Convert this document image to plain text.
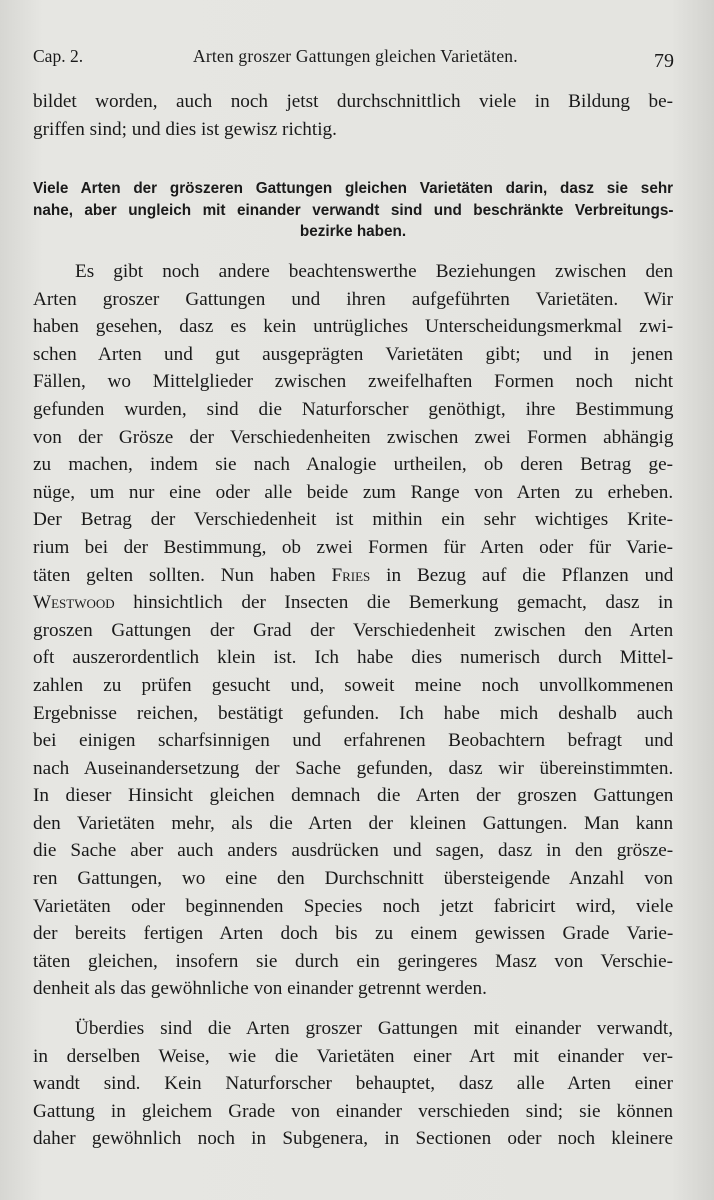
Cap. 2.	Arten groszer Gattungen gleichen Varietäten.	79
bildet worden, auch noch jetst durchschnittlich viele in Bildung be-
griffen sind; und dies ist gewisz richtig.
Viele Arten der gröszeren Gattungen gleichen Varietäten darin, dasz sie sehr
nahe, aber ungleich mit einander verwandt sind und beschränkte Verbreitungs-
bezirke haben.
Es gibt noch andere beachtenswerthe Beziehungen zwischen den
Arten groszer Gattungen und ihren aufgeführten Varietäten. Wir
haben gesehen, dasz es kein untrügliches Unterscheidungsmerkmal zwi-
schen Arten und gut ausgeprägten Varietäten gibt; und in jenen
Fällen, wo Mittelglieder zwischen zweifelhaften Formen noch nicht
gefunden wurden, sind die Naturforscher genöthigt, ihre Bestimmung
von der Grösze der Verschiedenheiten zwischen zwei Formen abhängig
zu machen, indem sie nach Analogie urtheilen, ob deren Betrag ge-
nüge, um nur eine oder alle beide zum Range von Arten zu erheben.
Der Betrag der Verschiedenheit ist mithin ein sehr wichtiges Krite-
rium bei der Bestimmung, ob zwei Formen für Arten oder für Varie-
täten gelten sollten. Nun haben Fries in Bezug auf die Pflanzen und
Westwood hinsichtlich der Insecten die Bemerkung gemacht, dasz in
groszen Gattungen der Grad der Verschiedenheit zwischen den Arten
oft auszerordentlich klein ist. Ich habe dies numerisch durch Mittel-
zahlen zu prüfen gesucht und, soweit meine noch unvollkommenen
Ergebnisse reichen, bestätigt gefunden. Ich habe mich deshalb auch
bei einigen scharfsinnigen und erfahrenen Beobachtern befragt und
nach Auseinandersetzung der Sache gefunden, dasz wir übereinstimmten.
In dieser Hinsicht gleichen demnach die Arten der groszen Gattungen
den Varietäten mehr, als die Arten der kleinen Gattungen. Man kann
die Sache aber auch anders ausdrücken und sagen, dasz in den grösze-
ren Gattungen, wo eine den Durchschnitt übersteigende Anzahl von
Varietäten oder beginnenden Species noch jetzt fabricirt wird, viele
der bereits fertigen Arten doch bis zu einem gewissen Grade Varie-
täten gleichen, insofern sie durch ein geringeres Masz von Verschie-
denheit als das gewöhnliche von einander getrennt werden.
Überdies sind die Arten groszer Gattungen mit einander verwandt,
in derselben Weise, wie die Varietäten einer Art mit einander ver-
wandt sind. Kein Naturforscher behauptet, dasz alle Arten einer
Gattung in gleichem Grade von einander verschieden sind; sie können
daher gewöhnlich noch in Subgenera, in Sectionen oder noch kleinere
